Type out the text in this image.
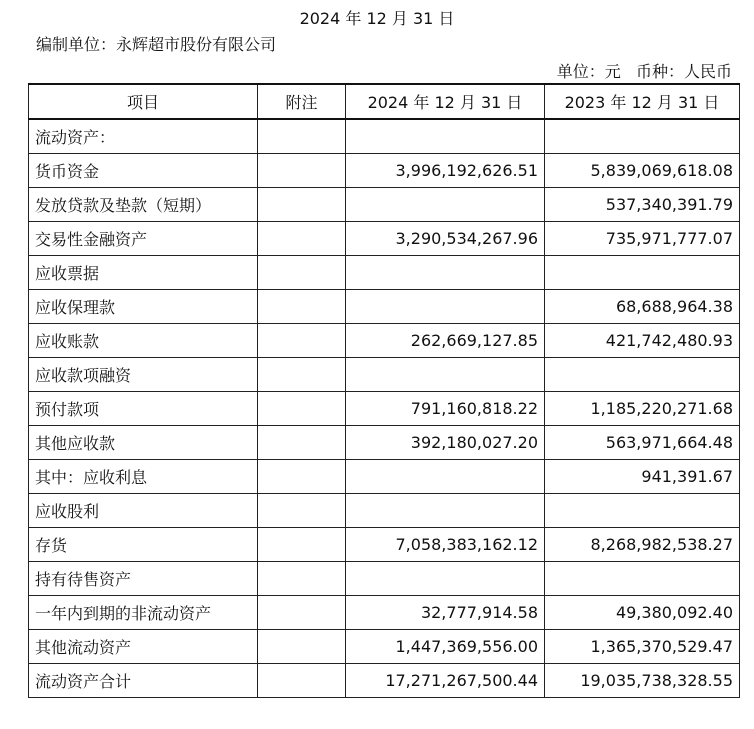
2024 年 12 月 31 日
编制单位：永辉超市股份有限公司
单位：元 币种：人民币
项目	附注	2024 年 12 月 31 日	2023 年 12 月 31 日
流动资产：			
货币资金		3,996,192,626.51	5,839,069,618.08
发放贷款及垫款（短期）			537,340,391.79
交易性金融资产		3,290,534,267.96	735,971,777.07
应收票据			
应收保理款			68,688,964.38
应收账款		262,669,127.85	421,742,480.93
应收款项融资			
预付款项		791,160,818.22	1,185,220,271.68
其他应收款		392,180,027.20	563,971,664.48
其中：应收利息			941,391.67
应收股利			
存货		7,058,383,162.12	8,268,982,538.27
持有待售资产			
一年内到期的非流动资产		32,777,914.58	49,380,092.40
其他流动资产		1,447,369,556.00	1,365,370,529.47
流动资产合计		17,271,267,500.44	19,035,738,328.55
